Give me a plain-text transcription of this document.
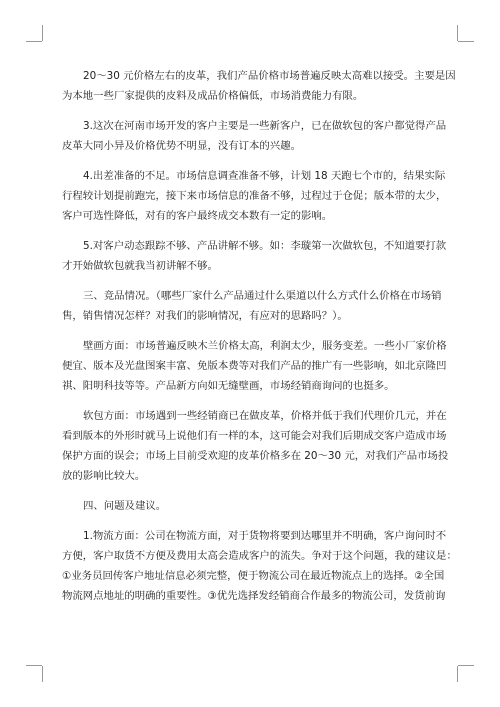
20～30 元价格左右的皮革，我们产品价格市场普遍反映太高难以接受。主要是因
为本地一些厂家提供的皮料及成品价格偏低，市场消费能力有限。
3.这次在河南市场开发的客户主要是一些新客户，已在做软包的客户都觉得产品
皮革大同小异及价格优势不明显，没有订本的兴趣。
4.出差准备的不足。市场信息调查准备不够，计划 18 天跑七个市的，结果实际
行程较计划提前跑完，接下来市场信息的准备不够，过程过于仓促；版本带的太少，
客户可选性降低，对有的客户最终成交本数有一定的影响。
5.对客户动态跟踪不够、产品讲解不够。如：李璇第一次做软包，不知道要打款
才开始做软包就我当初讲解不够。
三、竞品情况。（哪些厂家什么产品通过什么渠道以什么方式什么价格在市场销
售，销售情况怎样？对我们的影响情况，有应对的思路吗？）。
壁画方面：市场普遍反映木兰价格太高，利润太少，服务变差。一些小厂家价格
便宜、版本及光盘图案丰富、免版本费等对我们产品的推广有一些影响，如北京隆凹
祺、阳明科技等等。产品新方向如无缝壁画，市场经销商询问的也挺多。
软包方面：市场遇到一些经销商已在做皮革，价格并低于我们代理价几元，并在
看到版本的外形时就马上说他们有一样的本，这可能会对我们后期成交客户造成市场
保护方面的误会；市场上目前受欢迎的皮革价格多在 20～30 元，对我们产品市场投
放的影响比较大。
四、问题及建议。
1.物流方面：公司在物流方面，对于货物将要到达哪里并不明确，客户询问时不
方便，客户取货不方便及费用太高会造成客户的流失。争对于这个问题，我的建议是：
①业务员回传客户地址信息必须完整，便于物流公司在最近物流点上的选择。②全国
物流网点地址的明确的重要性。③优先选择发经销商合作最多的物流公司，发货前询
